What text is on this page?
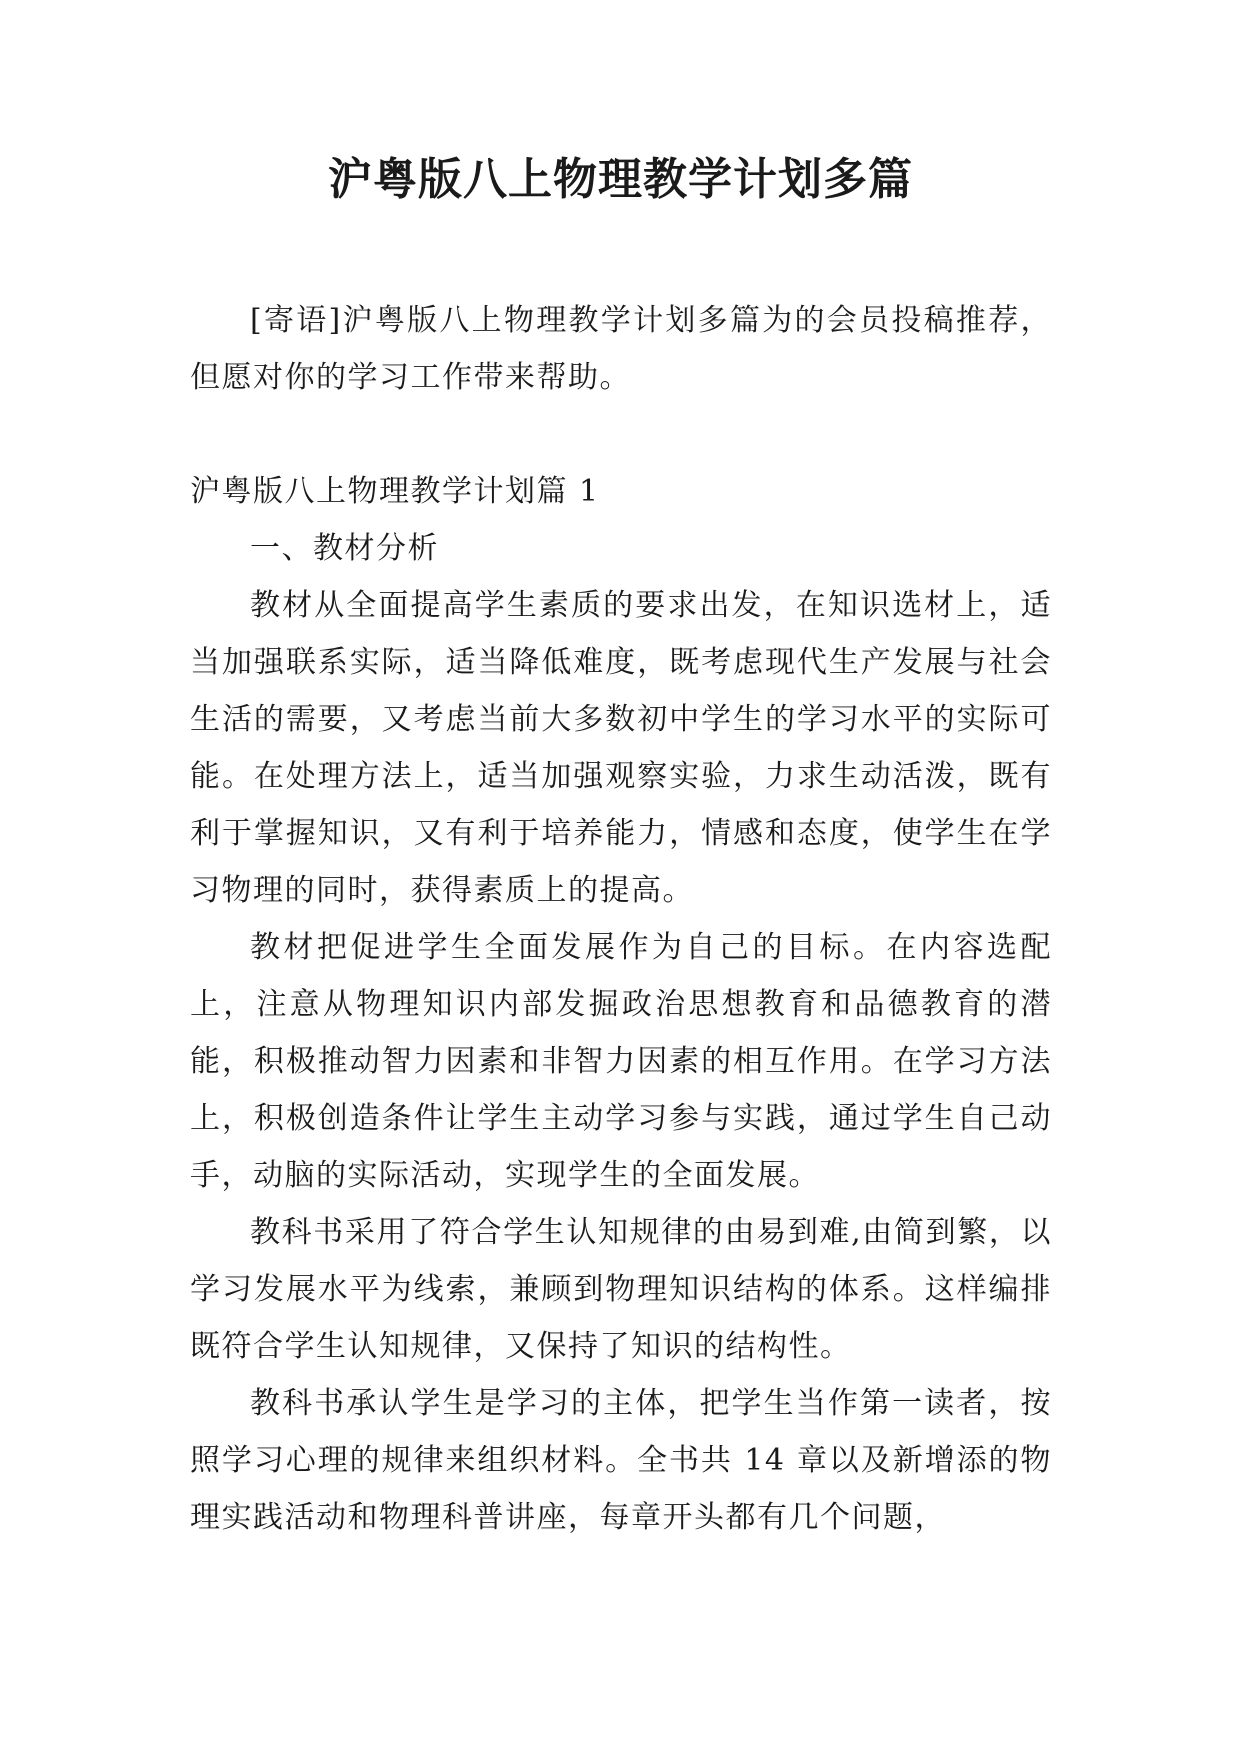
沪粤版八上物理教学计划多篇

[寄语]沪粤版八上物理教学计划多篇为的会员投稿推荐，但愿对你的学习工作带来帮助。

沪粤版八上物理教学计划篇 1

一、教材分析

教材从全面提高学生素质的要求出发，在知识选材上，适当加强联系实际，适当降低难度，既考虑现代生产发展与社会生活的需要，又考虑当前大多数初中学生的学习水平的实际可能。在处理方法上，适当加强观察实验，力求生动活泼，既有利于掌握知识，又有利于培养能力，情感和态度，使学生在学习物理的同时，获得素质上的提高。

教材把促进学生全面发展作为自己的目标。在内容选配上，注意从物理知识内部发掘政治思想教育和品德教育的潜能，积极推动智力因素和非智力因素的相互作用。在学习方法上，积极创造条件让学生主动学习参与实践，通过学生自己动手，动脑的实际活动，实现学生的全面发展。

教科书采用了符合学生认知规律的由易到难,由简到繁，以学习发展水平为线索，兼顾到物理知识结构的体系。这样编排既符合学生认知规律，又保持了知识的结构性。

教科书承认学生是学习的主体，把学生当作第一读者，按照学习心理的规律来组织材料。全书共 14 章以及新增添的物理实践活动和物理科普讲座，每章开头都有几个问题，
